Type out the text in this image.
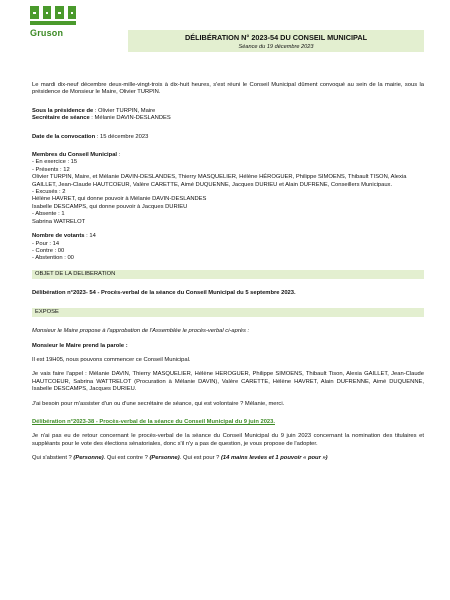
Gruson	DÉLIBÉRATION N° 2023-54 DU CONSEIL MUNICIPAL
Séance du 19 décembre 2023

Le mardi dix-neuf décembre deux-mille-vingt-trois à dix-huit heures, s'est réuni le Conseil Municipal dûment convoqué au sein de la mairie, sous la présidence de Monsieur le Maire, Olivier TURPIN.

Sous la présidence de : Olivier TURPIN, Maire

Secrétaire de séance : Mélanie DAVIN-DESLANDES

Date de la convocation : 15 décembre 2023

Membres du Conseil Municipal :

- En exercice : 15

- Présents : 12

Olivier TURPIN, Maire, et Mélanie DAVIN-DESLANDES, Thierry MASQUELIER, Hélène HÉROGUER, Philippe SIMOENS, Thibault TISON, Alexia GAILLET, Jean-Claude HAUTCOEUR, Valère CARETTE, Aimé DUQUENNE, Jacques DURIEU et Alain DUFRENE, Conseillers Municipaux.

- Excusés : 2

Hélène HAVRET, qui donne pouvoir à Mélanie DAVIN-DESLANDES

Isabelle DESCAMPS, qui donne pouvoir à Jacques DURIEU

- Absente : 1

Sabrina WATRELOT

Nombre de votants : 14

- Pour : 14

- Contre : 00

- Abstention : 00

OBJET DE LA DELIBERATION

Délibération n°2023- 54 - Procès-verbal de la séance du Conseil Municipal du 5 septembre 2023.

EXPOSE

Monsieur le Maire propose à l'approbation de l'Assemblée le procès-verbal ci-après :

Monsieur le Maire prend la parole :

Il est 19H05, nous pouvons commencer ce Conseil Municipal.

Je vais faire l'appel : Mélanie DAVIN, Thierry MASQUELIER, Hélène HEROGUER, Philippe SIMOENS, Thibault Tison, Alexia GAILLET, Jean-Claude HAUTCOEUR, Sabrina WATTRELOT (Procuration à Mélanie DAVIN), Valère CARETTE, Hélène HAVRET, Alain DUFRENNE, Aimé DUQUENNE, Isabelle DESCAMPS, Jacques DURIEU.

J'ai besoin pour m'assister d'un ou d'une secrétaire de séance, qui est volontaire ? Mélanie, merci.

Délibération n°2023-38 - Procès-verbal de la séance du Conseil Municipal du 9 juin 2023.

Je n'ai pas eu de retour concernant le procès-verbal de la séance du Conseil Municipal du 9 juin 2023 concernant la nomination des titulaires et suppléants pour le vote des élections sénatoriales, donc s'il n'y a pas de question, je vous propose de l'adopter.

Qui s'abstient ? (Personne). Qui est contre ? (Personne). Qui est pour ? (14 mains levées et 1 pouvoir « pour »)
